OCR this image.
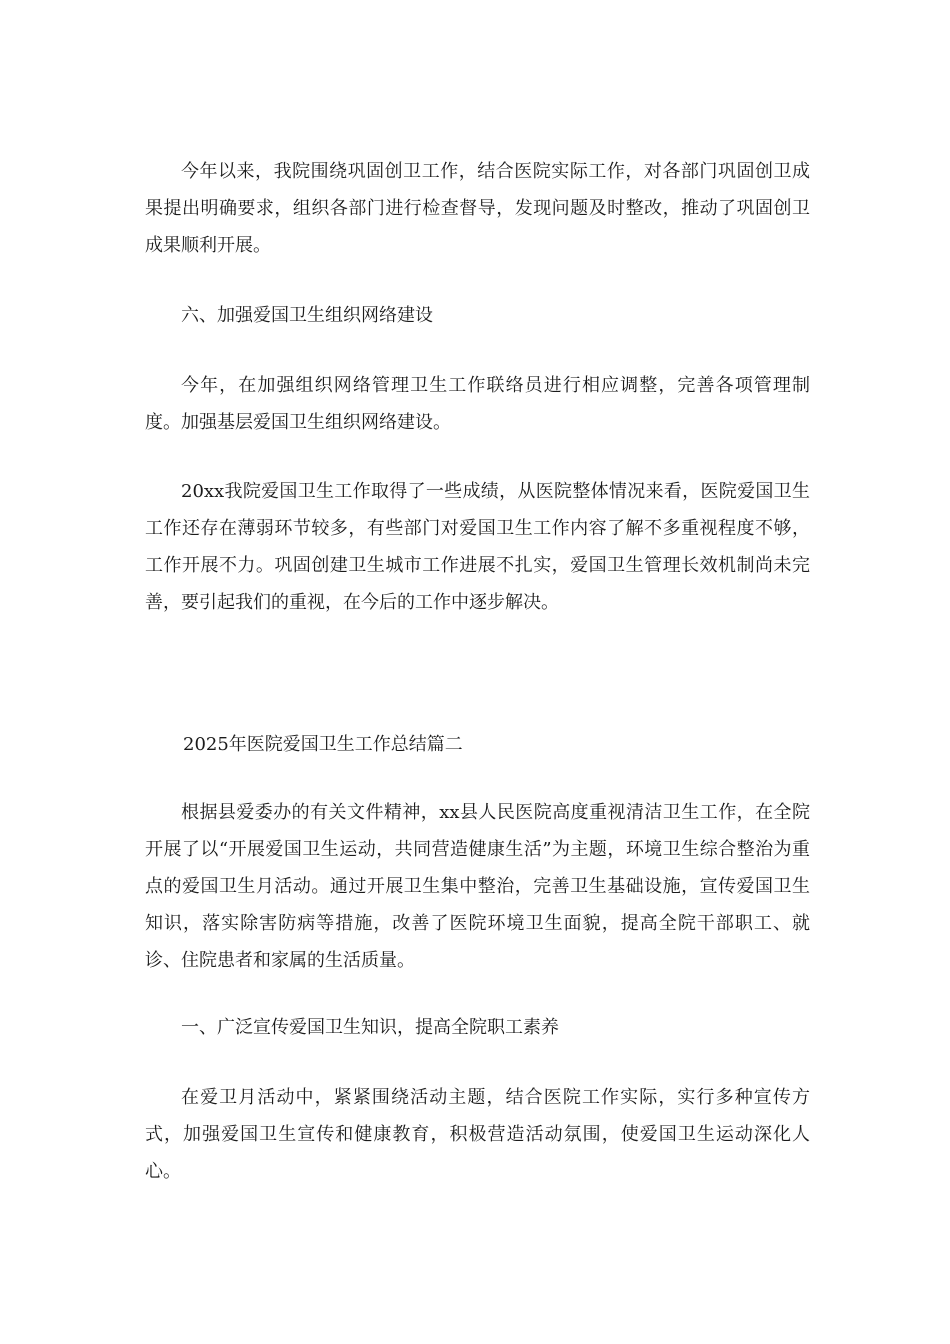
今年以来，我院围绕巩固创卫工作，结合医院实际工作，对各部门巩固创卫成果提出明确要求，组织各部门进行检查督导，发现问题及时整改，推动了巩固创卫成果顺利开展。

六、加强爱国卫生组织网络建设

今年，在加强组织网络管理卫生工作联络员进行相应调整，完善各项管理制度。加强基层爱国卫生组织网络建设。

20xx我院爱国卫生工作取得了一些成绩，从医院整体情况来看，医院爱国卫生工作还存在薄弱环节较多，有些部门对爱国卫生工作内容了解不多重视程度不够，工作开展不力。巩固创建卫生城市工作进展不扎实，爱国卫生管理长效机制尚未完善，要引起我们的重视，在今后的工作中逐步解决。

2025年医院爱国卫生工作总结篇二

根据县爱委办的有关文件精神，xx县人民医院高度重视清洁卫生工作，在全院开展了以“开展爱国卫生运动，共同营造健康生活”为主题，环境卫生综合整治为重点的爱国卫生月活动。通过开展卫生集中整治，完善卫生基础设施，宣传爱国卫生知识，落实除害防病等措施，改善了医院环境卫生面貌，提高全院干部职工、就诊、住院患者和家属的生活质量。

一、广泛宣传爱国卫生知识，提高全院职工素养

在爱卫月活动中，紧紧围绕活动主题，结合医院工作实际，实行多种宣传方式，加强爱国卫生宣传和健康教育，积极营造活动氛围，使爱国卫生运动深化人心。
